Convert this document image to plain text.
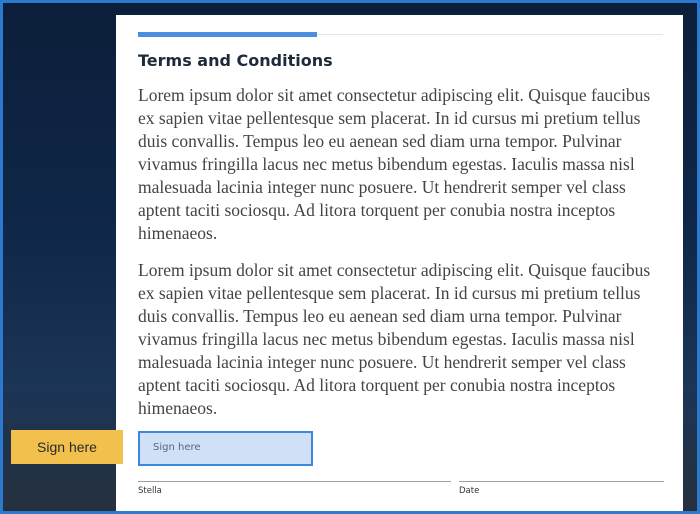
Terms and Conditions

Lorem ipsum dolor sit amet consectetur adipiscing elit. Quisque faucibus ex sapien vitae pellentesque sem placerat. In id cursus mi pretium tellus duis convallis. Tempus leo eu aenean sed diam urna tempor. Pulvinar vivamus fringilla lacus nec metus bibendum egestas. Iaculis massa nisl malesuada lacinia integer nunc posuere. Ut hendrerit semper vel class aptent taciti sociosqu. Ad litora torquent per conubia nostra inceptos himenaeos.

Lorem ipsum dolor sit amet consectetur adipiscing elit. Quisque faucibus ex sapien vitae pellentesque sem placerat. In id cursus mi pretium tellus duis convallis. Tempus leo eu aenean sed diam urna tempor. Pulvinar vivamus fringilla lacus nec metus bibendum egestas. Iaculis massa nisl malesuada lacinia integer nunc posuere. Ut hendrerit semper vel class aptent taciti sociosqu. Ad litora torquent per conubia nostra inceptos himenaeos.

Sign here
Stella	Date
Sign here
